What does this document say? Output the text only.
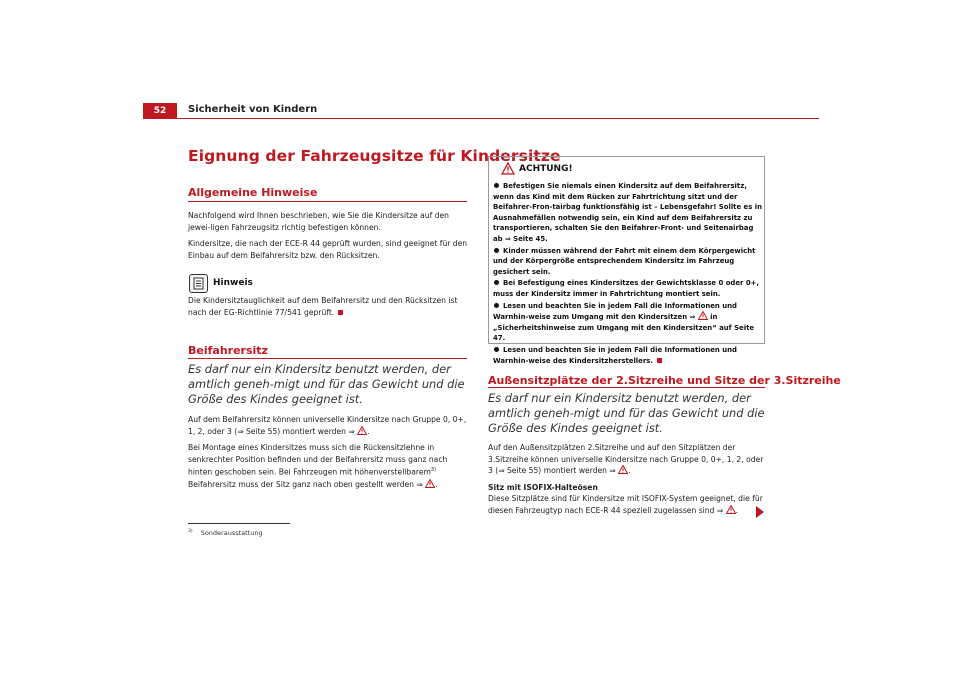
52	Sicherheit von Kindern
Eignung der Fahrzeugsitze für Kindersitze
Allgemeine Hinweise

Nachfolgend wird Ihnen beschrieben, wie Sie die Kindersitze auf den jewei-ligen Fahrzeugsitz richtig befestigen können.

Kindersitze, die nach der ECE-R 44 geprüft wurden, sind geeignet für den Einbau auf dem Beifahrersitz bzw. den Rücksitzen.

Hinweis
Die Kindersitztauglichkeit auf dem Beifahrersitz und den Rücksitzen ist nach der EG-Richtlinie 77/541 geprüft.
Beifahrersitz
Es darf nur ein Kindersitz benutzt werden, der amtlich geneh-migt und für das Gewicht und die Größe des Kindes geeignet ist.

Auf dem Beifahrersitz können universelle Kindersitze nach Gruppe 0, 0+, 1, 2, oder 3 (⇒ Seite 55) montiert werden ⇒ .

Bei Montage eines Kindersitzes muss sich die Rückensitzlehne in senkrechter Position befinden und der Beifahrersitz muss ganz nach hinten geschoben sein. Bei Fahrzeugen mit höhenverstellbarem$^{3)}$ Beifahrersitz muss der Sitz ganz nach oben gestellt werden ⇒ .

$^{3)}$ Sonderausstattung
ACHTUNG!
Befestigen Sie niemals einen Kindersitz auf dem Beifahrersitz, wenn das Kind mit dem Rücken zur Fahrtrichtung sitzt und der Beifahrer-Fron-tairbag funktionsfähig ist – Lebensgefahr! Sollte es in Ausnahmefällen notwendig sein, ein Kind auf dem Beifahrersitz zu transportieren, schalten Sie den Beifahrer-Front- und Seitenairbag ab ⇒ Seite 45.
Kinder müssen während der Fahrt mit einem dem Körpergewicht und der Körpergröße entsprechendem Kindersitz im Fahrzeug gesichert sein.
Bei Befestigung eines Kindersitzes der Gewichtsklasse 0 oder 0+, muss der Kindersitz immer in Fahrtrichtung montiert sein.
Lesen und beachten Sie in jedem Fall die Informationen und Warnhin-weise zum Umgang mit den Kindersitzen ⇒  in „Sicherheitshinweise zum Umgang mit den Kindersitzen“ auf Seite 47.
Lesen und beachten Sie in jedem Fall die Informationen und Warnhin-weise des Kindersitzherstellers.
Außensitzplätze der 2.Sitzreihe und Sitze der 3.Sitzreihe
Es darf nur ein Kindersitz benutzt werden, der amtlich geneh-migt und für das Gewicht und die Größe des Kindes geeignet ist.

Auf den Außensitzplätzen 2.Sitzreihe und auf den Sitzplätzen der 3.Sitzreihe können universelle Kindersitze nach Gruppe 0, 0+, 1, 2, oder 3 (⇒ Seite 55) montiert werden ⇒ .

Sitz mit ISOFIX-Halteösen

Diese Sitzplätze sind für Kindersitze mit ISOFIX-System geeignet, die für diesen Fahrzeugtyp nach ECE-R 44 speziell zugelassen sind ⇒ .
